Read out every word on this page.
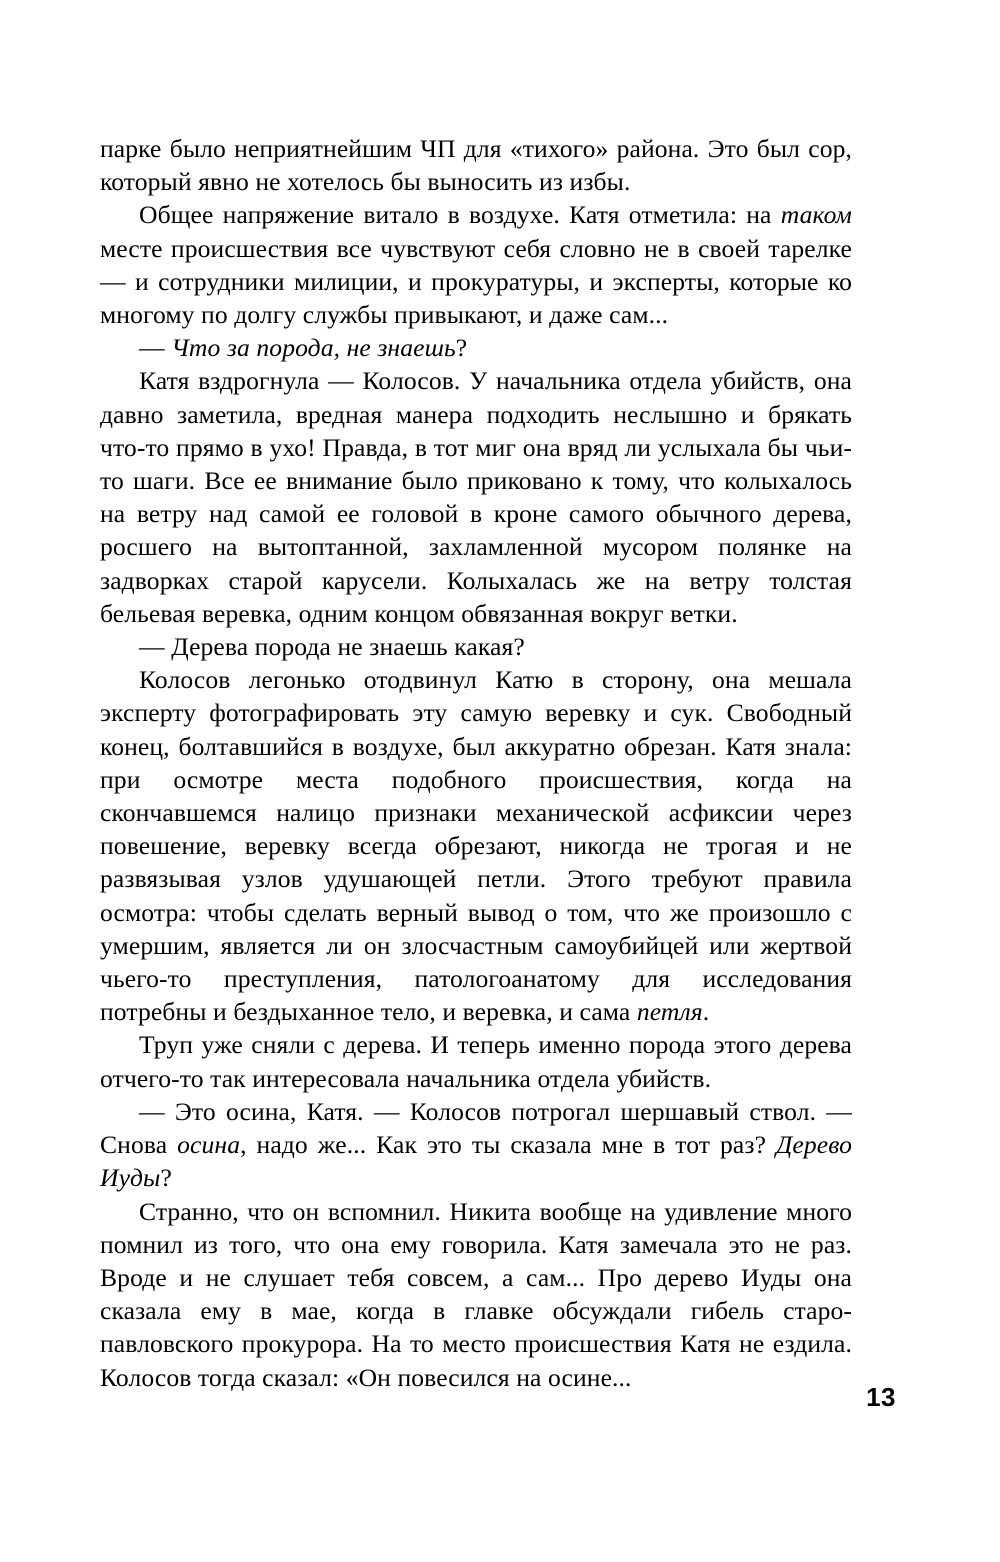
парке было неприятнейшим ЧП для «тихого» района. Это был сор, который явно не хотелось бы выносить из избы.

Общее напряжение витало в воздухе. Катя отметила: на таком месте происшествия все чувствуют себя словно не в своей тарелке — и сотрудники милиции, и прокуратуры, и эксперты, которые ко многому по долгу службы привыкают, и даже сам...

— Что за порода, не знаешь?

Катя вздрогнула — Колосов. У начальника отдела убийств, она давно заметила, вредная манера подходить неслышно и брякать что-то прямо в ухо! Правда, в тот миг она вряд ли услыхала бы чьи-то шаги. Все ее внимание было приковано к тому, что колыхалось на ветру над самой ее головой в кроне самого обычного дерева, росшего на вытоптанной, захламленной мусором полянке на задворках старой карусели. Колыхалась же на ветру толстая бельевая веревка, одним концом обвязанная вокруг ветки.

— Дерева порода не знаешь какая?

Колосов легонько отодвинул Катю в сторону, она мешала эксперту фотографировать эту самую веревку и сук. Свободный конец, болтавшийся в воздухе, был аккуратно обрезан. Катя знала: при осмотре места подобного происшествия, когда на скончавшемся налицо признаки механической асфиксии через повешение, веревку всегда обрезают, никогда не трогая и не развязывая узлов удушающей петли. Этого требуют правила осмотра: чтобы сделать верный вывод о том, что же произошло с умершим, является ли он злосчастным самоубийцей или жертвой чьего-то преступления, патологоанатому для исследования потребны и бездыханное тело, и веревка, и сама петля.

Труп уже сняли с дерева. И теперь именно порода этого дерева отчего-то так интересовала начальника отдела убийств.

— Это осина, Катя. — Колосов потрогал шершавый ствол. — Снова осина, надо же... Как это ты сказала мне в тот раз? Дерево Иуды?

Странно, что он вспомнил. Никита вообще на удивление много помнил из того, что она ему говорила. Катя замечала это не раз. Вроде и не слушает тебя совсем, а сам... Про дерево Иуды она сказала ему в мае, когда в главке обсуждали гибель старо-павловского прокурора. На то место происшествия Катя не ездила. Колосов тогда сказал: «Он повесился на осине...

13
